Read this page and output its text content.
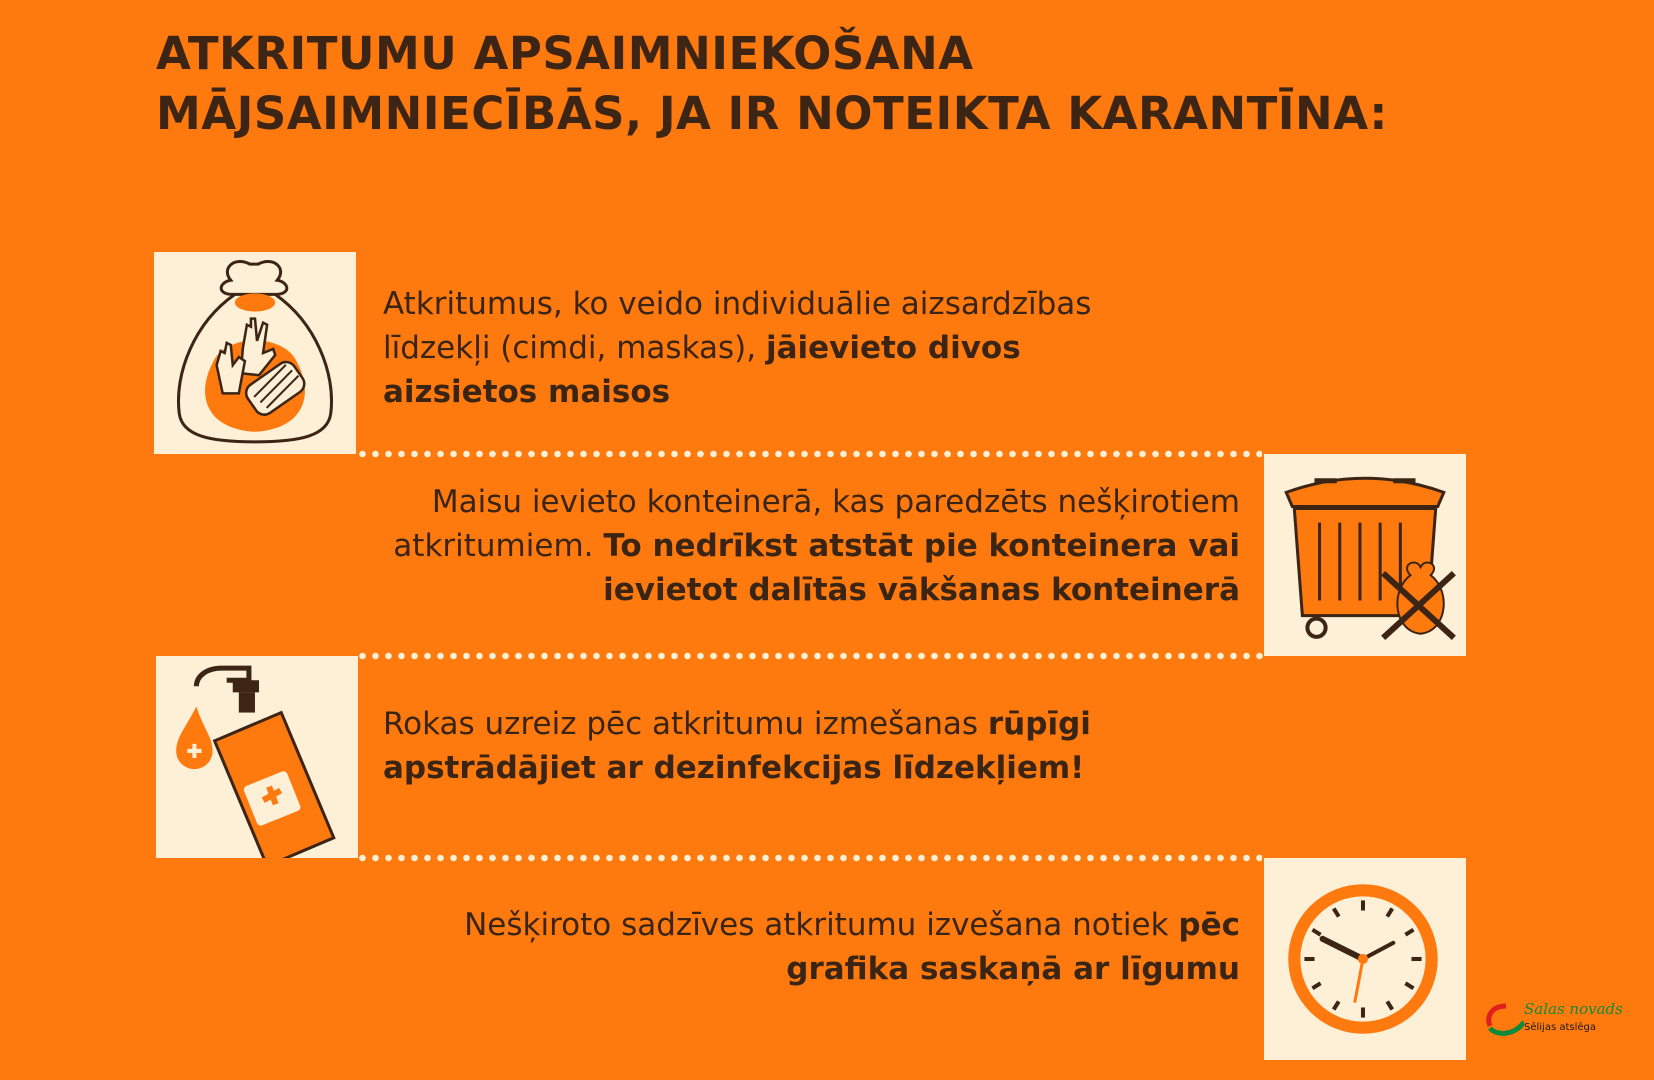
ATKRITUMU APSAIMNIEKOŠANA
MĀJSAIMNIECĪBĀS, JA IR NOTEIKTA KARANTĪNA:
Atkritumus, ko veido individuālie aizsardzības līdzekļi (cimdi, maskas), jāievieto divos aizsietos maisos
Maisu ievieto konteinerā, kas paredzēts nešķirotiem atkritumiem. To nedrīkst atstāt pie konteinera vai ievietot dalītās vākšanas konteinerā
Rokas uzreiz pēc atkritumu izmešanas rūpīgi apstrādājiet ar dezinfekcijas līdzekļiem!
Nešķiroto sadzīves atkritumu izvešana notiek pēc grafika saskaņā ar līgumu
Salas novads
Sēlijas atslēga
